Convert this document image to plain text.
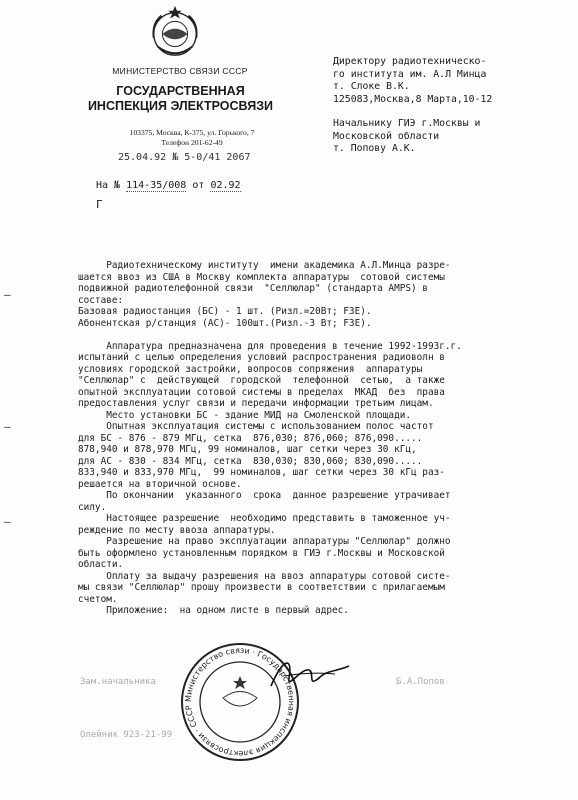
МИНИСТЕРСТВО СВЯЗИ СССР
ГОСУДАРСТВЕННАЯ
ИНСПЕКЦИЯ ЭЛЕКТРОСВЯЗИ
103375, Москва, К-375, ул. Горького, 7
Телефон 201-62-49
25.04.92 № 5-0/41 2067
На № 114-35/008 от 02.92
Г
Директору радиотехническо-
го института им. А.Л Минца
т. Слоке В.К.
125083,Москва,8 Марта,10-12
Начальнику ГИЭ г.Москвы и
Московской области
т. Попову А.К.
Радиотехническому институту  имени академика А.Л.Минца разре-
шается ввоз из США в Москву комплекта аппаратуры  сотовой системы
подвижной радиотелефонной связи  "Селлюлар" (стандарта AMPS) в
составе:
Базовая радиостанция (БС) - 1 шт. (Ризл.=20Вт; F3E).
Абонентская р/станция (АС)- 100шт.(Ризл.-3 Вт; F3E).

Аппаратура предназначена для проведения в течение 1992-1993г.г.
испытаний с целью определения условий распространения радиоволн в
условиях городской застройки, вопросов сопряжения  аппаратуры
"Селлюлар" с  действующей  городской  телефонной  сетью,  а также
опытной эксплуатации сотовой системы в пределах  МКАД  без  права
предоставления услуг связи и передачи информации третьим лицам.
Место установки БС - здание МИД на Смоленской площади.
Опытная эксплуатация системы с использованием полос частот
для БС - 876 - 879 МГц, сетка  876,030; 876,060; 876,090.....
878,940 и 878,970 МГц, 99 номиналов, шаг сетки через 30 кГц,
для АС - 830 - 834 МГц, сетка  830,030; 830,060; 830,090.....
833,940 и 833,970 МГц,  99 номиналов, шаг сетки через 30 кГц раз-
решается на вторичной основе.
По окончании  указанного  срока  данное разрешение утрачивает
силу.
Настоящее разрешение  необходимо представить в таможенное уч-
реждение по месту ввоза аппаратуры.
Разрешение на право эксплуатации аппаратуры "Селлюлар" должно
быть оформлено установленным порядком в ГИЭ г.Москвы и Московской
области.
Оплату за выдачу разрешения на ввоз аппаратуры сотовой систе-
мы связи "Селлюлар" прошу произвести в соответствии с прилагаемым
счетом.
Приложение:  на одном листе в первый адрес.
–
–
–
Зам.начальника	Б.А.Попов
Олейник 923-21-99
Министерство связи · Государственная инспекция электросвязи · СССР
